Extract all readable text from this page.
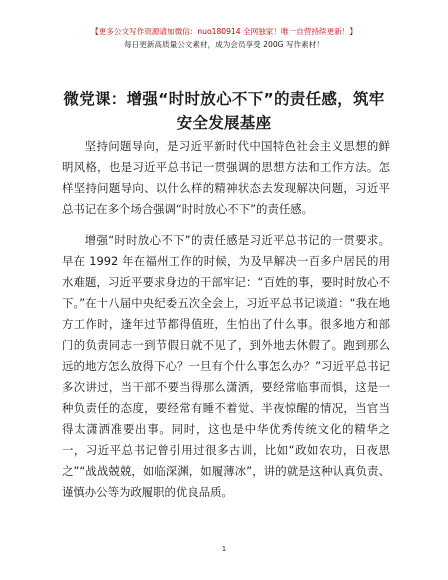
【更多公文写作资源请加微信：nuo180914 全网独家！唯一自营持续更新！】
每日更新高质量公文素材，成为会员享受 200G 写作素材！
微党课：增强“时时放心不下”的责任感，筑牢安全发展基座

坚持问题导向，是习近平新时代中国特色社会主义思想的鲜明风格，也是习近平总书记一贯强调的思想方法和工作方法。怎样坚持问题导向、以什么样的精神状态去发现解决问题，习近平总书记在多个场合强调“时时放心不下”的责任感。

增强“时时放心不下”的责任感是习近平总书记的一贯要求。早在 1992 年在福州工作的时候，为及早解决一百多户居民的用水难题，习近平要求身边的干部牢记：“百姓的事，要时时放心不下。”在十八届中央纪委五次全会上，习近平总书记谈道：“我在地方工作时，逢年过节都得值班，生怕出了什么事。很多地方和部门的负责同志一到节假日就不见了，到外地去休假了。跑到那么远的地方怎么放得下心？一旦有个什么事怎么办？”习近平总书记多次讲过，当干部不要当得那么潇洒，要经常临事而惧，这是一种负责任的态度，要经常有睡不着觉、半夜惊醒的情况，当官当得太潇洒准要出事。同时，这也是中华优秀传统文化的精华之一，习近平总书记曾引用过很多古训，比如“政如农功，日夜思之”“战战兢兢，如临深渊，如履薄冰”，讲的就是这种认真负责、谨慎办公等为政履职的优良品质。

1
